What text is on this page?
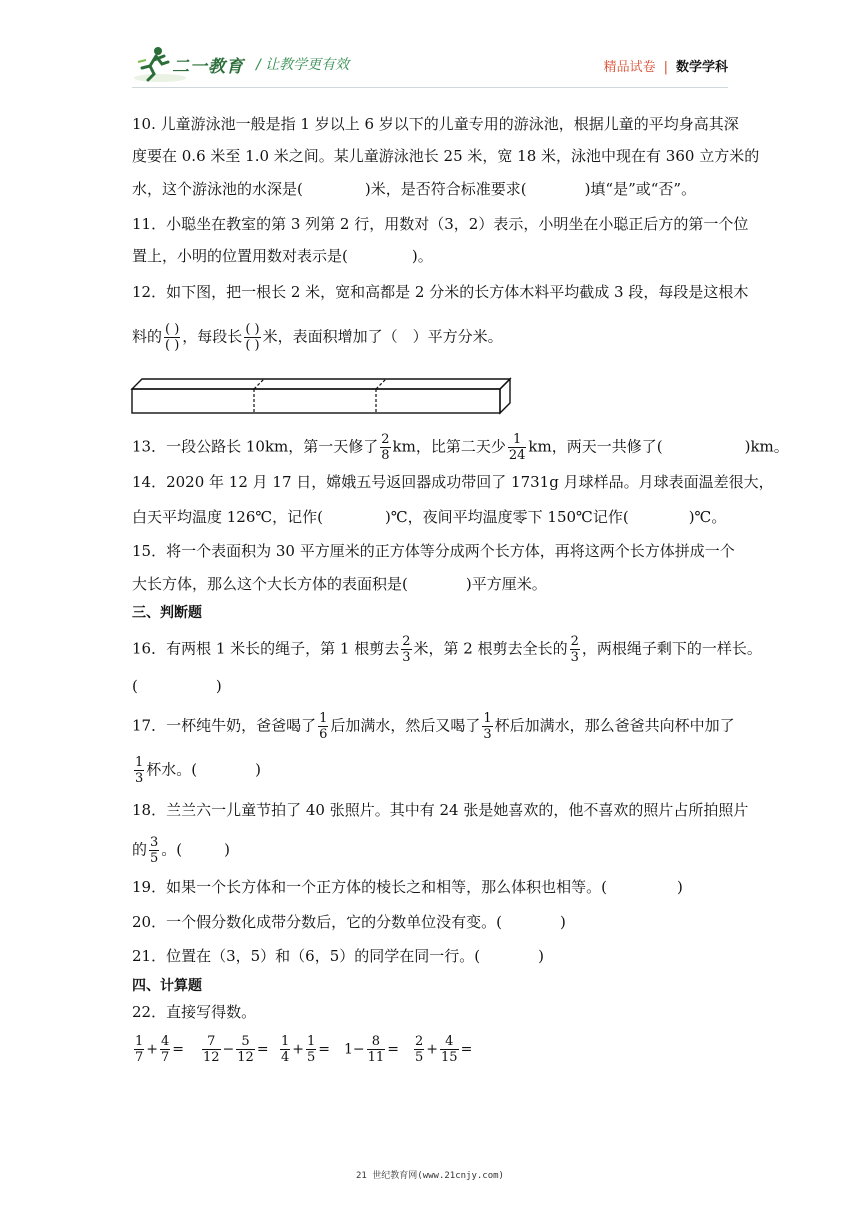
二一教育 / 让教学更有效	精品试卷 | 数学学科
10. 儿童游泳池一般是指 1 岁以上 6 岁以下的儿童专用的游泳池，根据儿童的平均身高其深
度要在 0.6 米至 1.0 米之间。某儿童游泳池长 25 米，宽 18 米，泳池中现在有 360 立方米的
水，这个游泳池的水深是(	)米，是否符合标准要求(	)填“是”或“否”。
11．小聪坐在教室的第 3 列第 2 行，用数对（3，2）表示，小明坐在小聪正后方的第一个位
置上，小明的位置用数对表示是(	)。
12．如下图，把一根长 2 米，宽和高都是 2 分米的长方体木料平均截成 3 段，每段是这根木
料的 $\frac{( )}{( )}$ ，每段长 $\frac{( )}{( )}$ 米，表面积增加了（　）平方分米。
13．一段公路长 10km，第一天修了 $\frac{2}{8}$ km，比第二天少 $\frac{1}{24}$ km，两天一共修了(	)km。
14．2020 年 12 月 17 日，嫦娥五号返回器成功带回了 1731g 月球样品。月球表面温差很大，
白天平均温度 126℃，记作(	)℃，夜间平均温度零下 150℃记作(	)℃。
15．将一个表面积为 30 平方厘米的正方体等分成两个长方体，再将这两个长方体拼成一个
大长方体，那么这个大长方体的表面积是(	)平方厘米。
三、判断题
16．有两根 1 米长的绳子，第 1 根剪去 $\frac{2}{3}$ 米，第 2 根剪去全长的 $\frac{2}{3}$ ，两根绳子剩下的一样长。
(	)
17．一杯纯牛奶，爸爸喝了 $\frac{1}{6}$ 后加满水，然后又喝了 $\frac{1}{3}$ 杯后加满水，那么爸爸共向杯中加了
$\frac{1}{3}$ 杯水。(	)
18．兰兰六一儿童节拍了 40 张照片。其中有 24 张是她喜欢的，他不喜欢的照片占所拍照片
的 $\frac{3}{5}$ 。(	)
19．如果一个长方体和一个正方体的棱长之和相等，那么体积也相等。(	)
20．一个假分数化成带分数后，它的分数单位没有变。(	)
21．位置在（3，5）和（6，5）的同学在同一行。(	)
四、计算题
22．直接写得数。
$\frac{1}{7} + \frac{4}{7} = \frac{7}{12} - \frac{5}{12} = \frac{1}{4} + \frac{1}{5} = 1- \frac{8}{11} = \frac{2}{5} + \frac{4}{15}$ =
21 世纪教育网(www.21cnjy.com)
